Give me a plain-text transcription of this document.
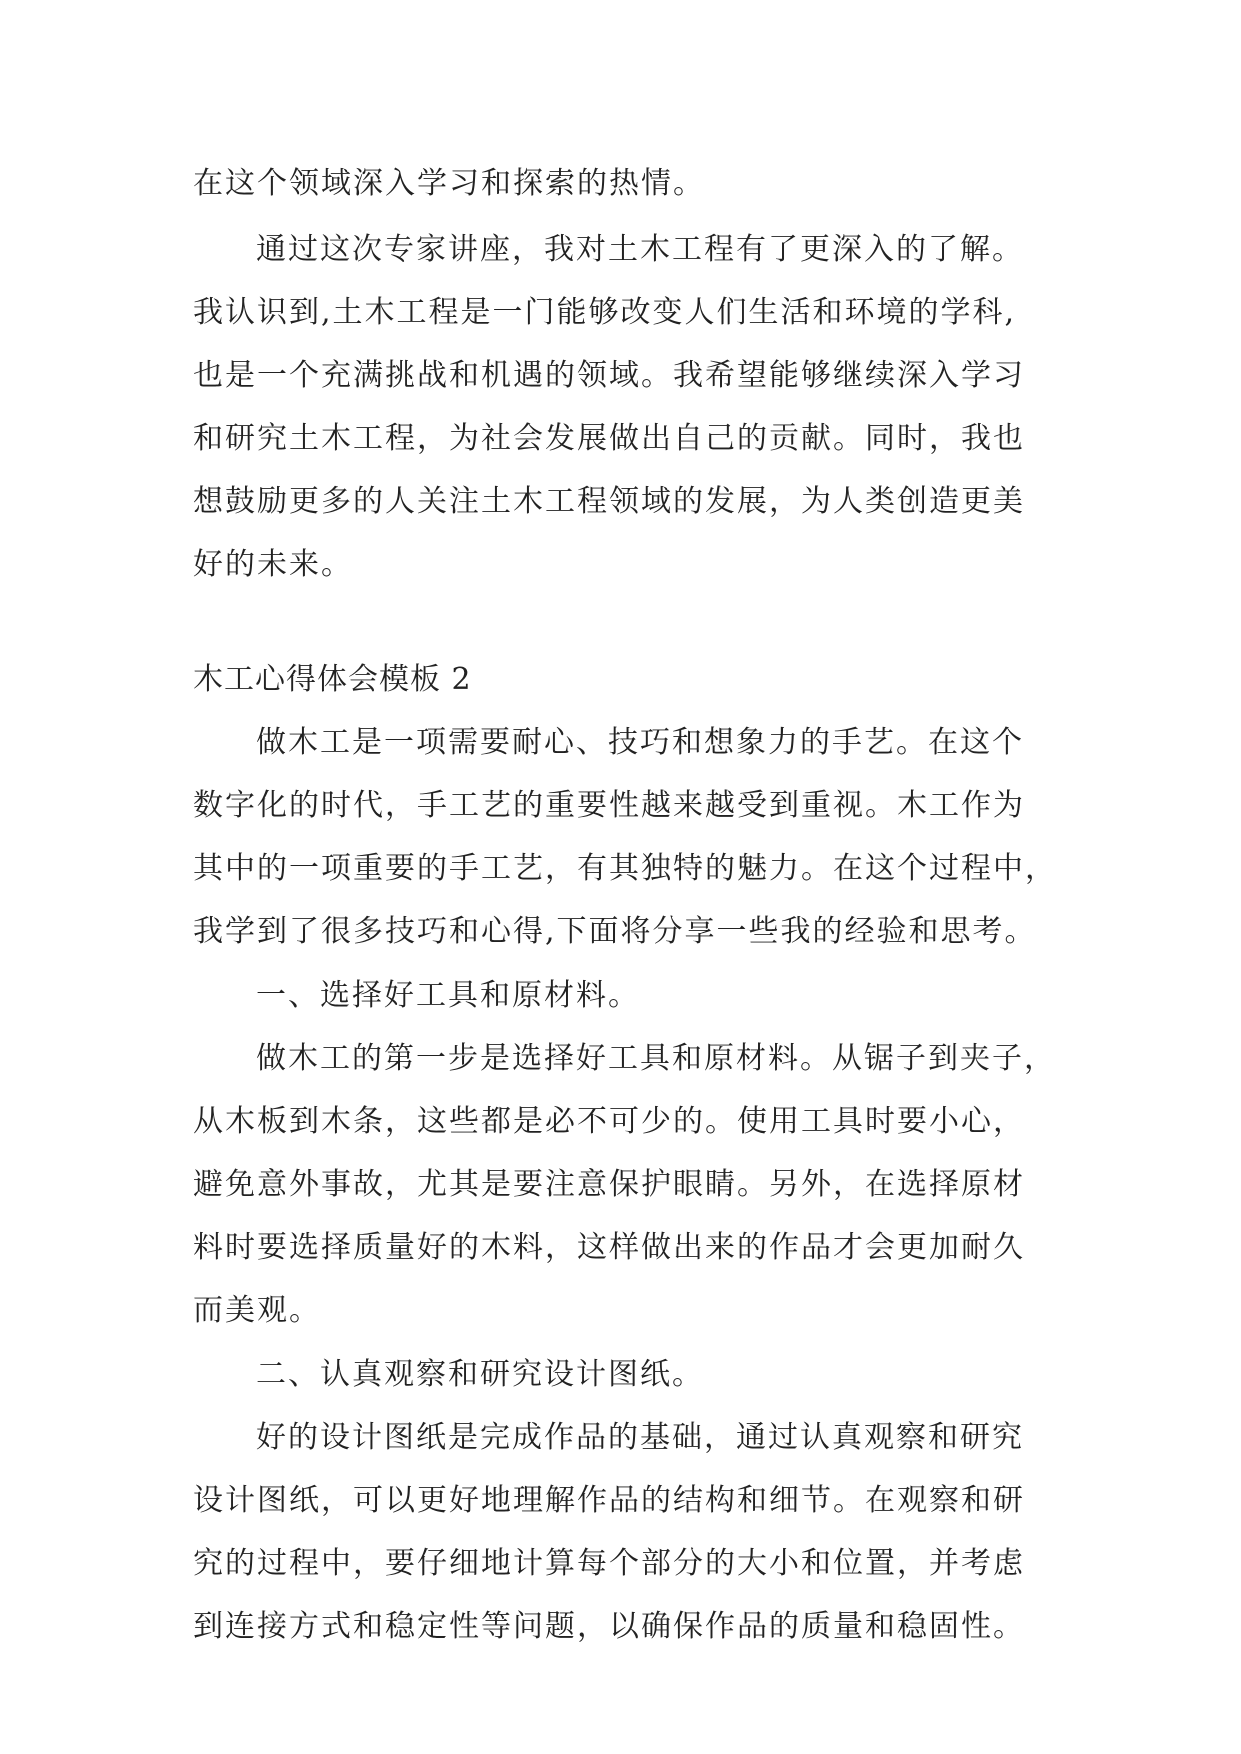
在这个领域深入学习和探索的热情。
通过这次专家讲座，我对土木工程有了更深入的了解。
我认识到,土木工程是一门能够改变人们生活和环境的学科,
也是一个充满挑战和机遇的领域。我希望能够继续深入学习
和研究土木工程，为社会发展做出自己的贡献。同时，我也
想鼓励更多的人关注土木工程领域的发展，为人类创造更美
好的未来。
木工心得体会模板 2
做木工是一项需要耐心、技巧和想象力的手艺。在这个
数字化的时代，手工艺的重要性越来越受到重视。木工作为
其中的一项重要的手工艺，有其独特的魅力。在这个过程中，
我学到了很多技巧和心得,下面将分享一些我的经验和思考。
一、选择好工具和原材料。
做木工的第一步是选择好工具和原材料。从锯子到夹子，
从木板到木条，这些都是必不可少的。使用工具时要小心，
避免意外事故，尤其是要注意保护眼睛。另外，在选择原材
料时要选择质量好的木料，这样做出来的作品才会更加耐久
而美观。
二、认真观察和研究设计图纸。
好的设计图纸是完成作品的基础，通过认真观察和研究
设计图纸，可以更好地理解作品的结构和细节。在观察和研
究的过程中，要仔细地计算每个部分的大小和位置，并考虑
到连接方式和稳定性等问题，以确保作品的质量和稳固性。
